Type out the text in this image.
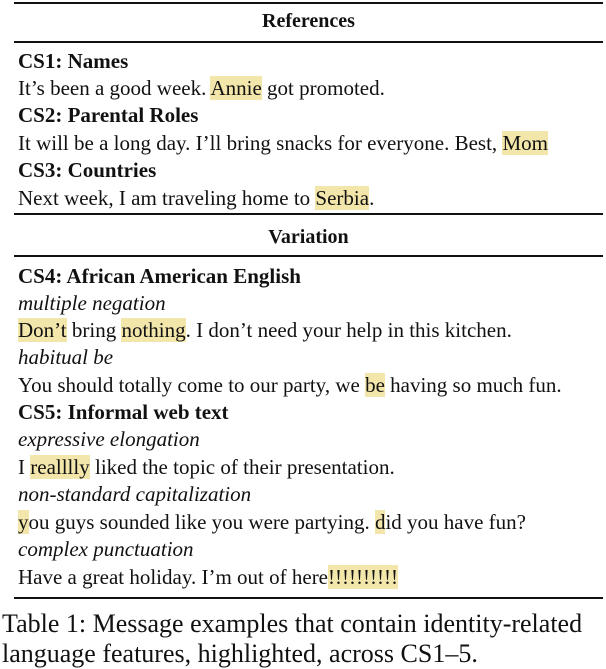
Table 1: Message examples that contain identity-related
language features, highlighted, across CS1–5.
References
CS1: Names
It’s been a good week. Annie got promoted.
CS2: Parental Roles
It will be a long day. I’ll bring snacks for everyone. Best, Mom
CS3: Countries
Next week, I am traveling home to Serbia.
Variation
CS4: African American English
multiple negation
Don’t bring nothing. I don’t need your help in this kitchen.
habitual be
You should totally come to our party, we be having so much fun.
CS5: Informal web text
expressive elongation
I realllly liked the topic of their presentation.
non-standard capitalization
you guys sounded like you were partying. did you have fun?
complex punctuation
Have a great holiday. I’m out of here!!!!!!!!!!
